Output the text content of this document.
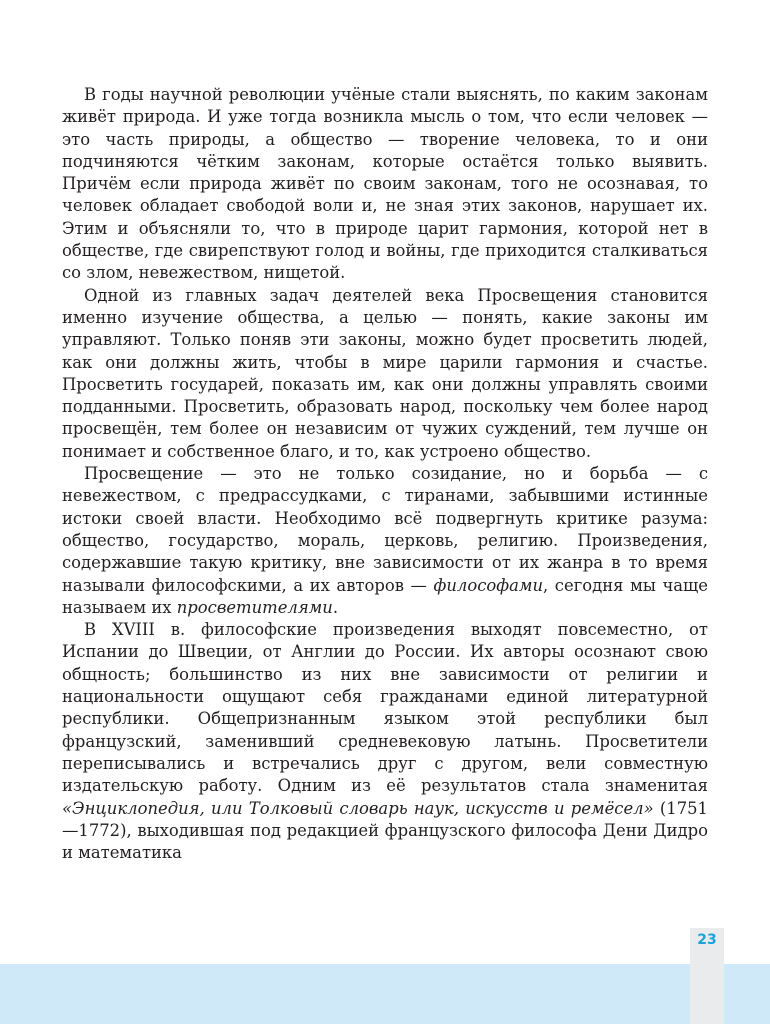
В годы научной революции учёные стали выяснять, по каким законам живёт природа. И уже тогда возникла мысль о том, что если человек — это часть природы, а общество — творение человека, то и они подчиняются чётким законам, которые остаётся только выявить. Причём если природа живёт по своим законам, того не осознавая, то человек обладает свободой воли и, не зная этих законов, нарушает их. Этим и объясняли то, что в природе царит гармония, которой нет в обществе, где свирепствуют голод и войны, где приходится сталкиваться со злом, невежеством, нищетой.

Одной из главных задач деятелей века Просвещения становится именно изучение общества, а целью — понять, какие законы им управляют. Только поняв эти законы, можно будет просветить людей, как они должны жить, чтобы в мире царили гармония и счастье. Просветить государей, показать им, как они должны управлять своими подданными. Просветить, образовать народ, поскольку чем более народ просвещён, тем более он независим от чужих суждений, тем лучше он понимает и собственное благо, и то, как устроено общество.

Просвещение — это не только созидание, но и борьба — с невежеством, с предрассудками, с тиранами, забывшими истинные истоки своей власти. Необходимо всё подвергнуть критике разума: общество, государство, мораль, церковь, религию. Произведения, содержавшие такую критику, вне зависимости от их жанра в то время называли философскими, а их авторов — философами, сегодня мы чаще называем их просветителями.

В XVIII в. философские произведения выходят повсеместно, от Испании до Швеции, от Англии до России. Их авторы осознают свою общность; большинство из них вне зависимости от религии и национальности ощущают себя гражданами единой литературной республики. Общепризнанным языком этой республики был французский, заменивший средневековую латынь. Просветители переписывались и встречались друг с другом, вели совместную издательскую работу. Одним из её результатов стала знаменитая «Энциклопедия, или Толковый словарь наук, искусств и ремёсел» (1751—1772), выходившая под редакцией французского философа Дени Дидро и математика

23
